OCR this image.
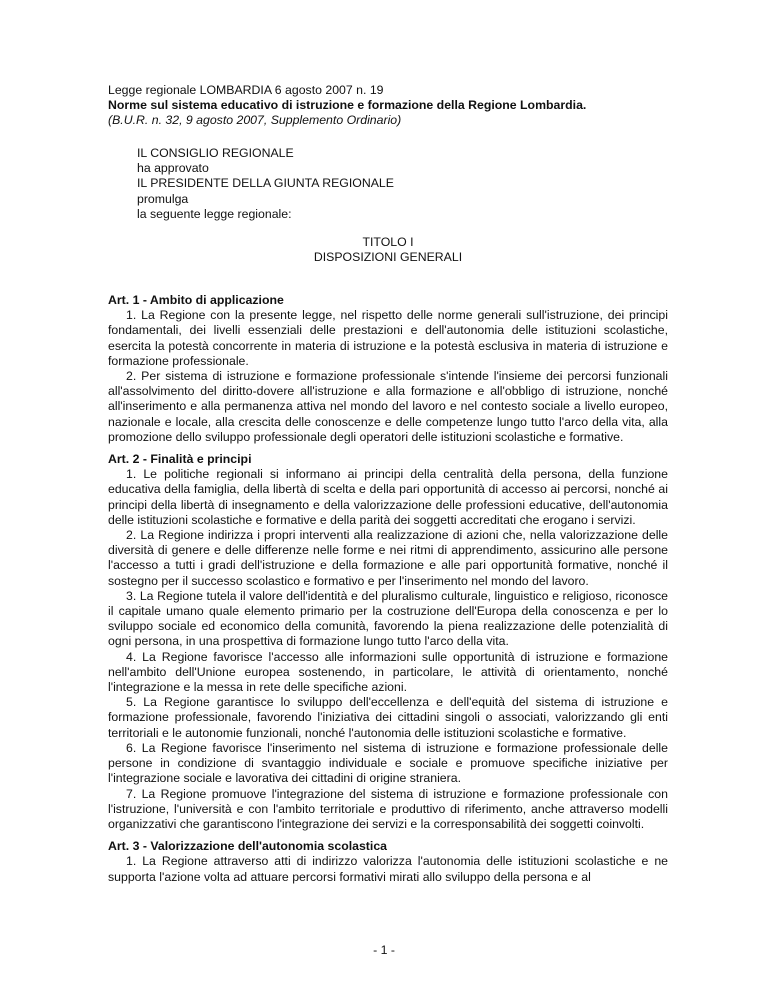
Legge regionale LOMBARDIA 6 agosto 2007 n. 19

Norme sul sistema educativo di istruzione e formazione della Regione Lombardia.

(B.U.R. n. 32, 9 agosto 2007, Supplemento Ordinario)

IL CONSIGLIO REGIONALE

ha approvato

IL PRESIDENTE DELLA GIUNTA REGIONALE

promulga

la seguente legge regionale:

TITOLO I

DISPOSIZIONI GENERALI

Art. 1 - Ambito di applicazione

1. La Regione con la presente legge, nel rispetto delle norme generali sull'istruzione, dei principi fondamentali, dei livelli essenziali delle prestazioni e dell'autonomia delle istituzioni scolastiche, esercita la potestà concorrente in materia di istruzione e la potestà esclusiva in materia di istruzione e formazione professionale.

2. Per sistema di istruzione e formazione professionale s'intende l'insieme dei percorsi funzionali all'assolvimento del diritto-dovere all'istruzione e alla formazione e all'obbligo di istruzione, nonché all'inserimento e alla permanenza attiva nel mondo del lavoro e nel contesto sociale a livello europeo, nazionale e locale, alla crescita delle conoscenze e delle competenze lungo tutto l'arco della vita, alla promozione dello sviluppo professionale degli operatori delle istituzioni scolastiche e formative.

Art. 2 - Finalità e principi

1. Le politiche regionali si informano ai principi della centralità della persona, della funzione educativa della famiglia, della libertà di scelta e della pari opportunità di accesso ai percorsi, nonché ai principi della libertà di insegnamento e della valorizzazione delle professioni educative, dell'autonomia delle istituzioni scolastiche e formative e della parità dei soggetti accreditati che erogano i servizi.

2. La Regione indirizza i propri interventi alla realizzazione di azioni che, nella valorizzazione delle diversità di genere e delle differenze nelle forme e nei ritmi di apprendimento, assicurino alle persone l'accesso a tutti i gradi dell'istruzione e della formazione e alle pari opportunità formative, nonché il sostegno per il successo scolastico e formativo e per l'inserimento nel mondo del lavoro.

3. La Regione tutela il valore dell'identità e del pluralismo culturale, linguistico e religioso, riconosce il capitale umano quale elemento primario per la costruzione dell'Europa della conoscenza e per lo sviluppo sociale ed economico della comunità, favorendo la piena realizzazione delle potenzialità di ogni persona, in una prospettiva di formazione lungo tutto l'arco della vita.

4. La Regione favorisce l'accesso alle informazioni sulle opportunità di istruzione e formazione nell'ambito dell'Unione europea sostenendo, in particolare, le attività di orientamento, nonché l'integrazione e la messa in rete delle specifiche azioni.

5. La Regione garantisce lo sviluppo dell'eccellenza e dell'equità del sistema di istruzione e formazione professionale, favorendo l'iniziativa dei cittadini singoli o associati, valorizzando gli enti territoriali e le autonomie funzionali, nonché l'autonomia delle istituzioni scolastiche e formative.

6. La Regione favorisce l'inserimento nel sistema di istruzione e formazione professionale delle persone in condizione di svantaggio individuale e sociale e promuove specifiche iniziative per l'integrazione sociale e lavorativa dei cittadini di origine straniera.

7. La Regione promuove l'integrazione del sistema di istruzione e formazione professionale con l'istruzione, l'università e con l'ambito territoriale e produttivo di riferimento, anche attraverso modelli organizzativi che garantiscono l'integrazione dei servizi e la corresponsabilità dei soggetti coinvolti.

Art. 3 - Valorizzazione dell'autonomia scolastica

1. La Regione attraverso atti di indirizzo valorizza l'autonomia delle istituzioni scolastiche e ne supporta l'azione volta ad attuare percorsi formativi mirati allo sviluppo della persona e al

- 1 -
